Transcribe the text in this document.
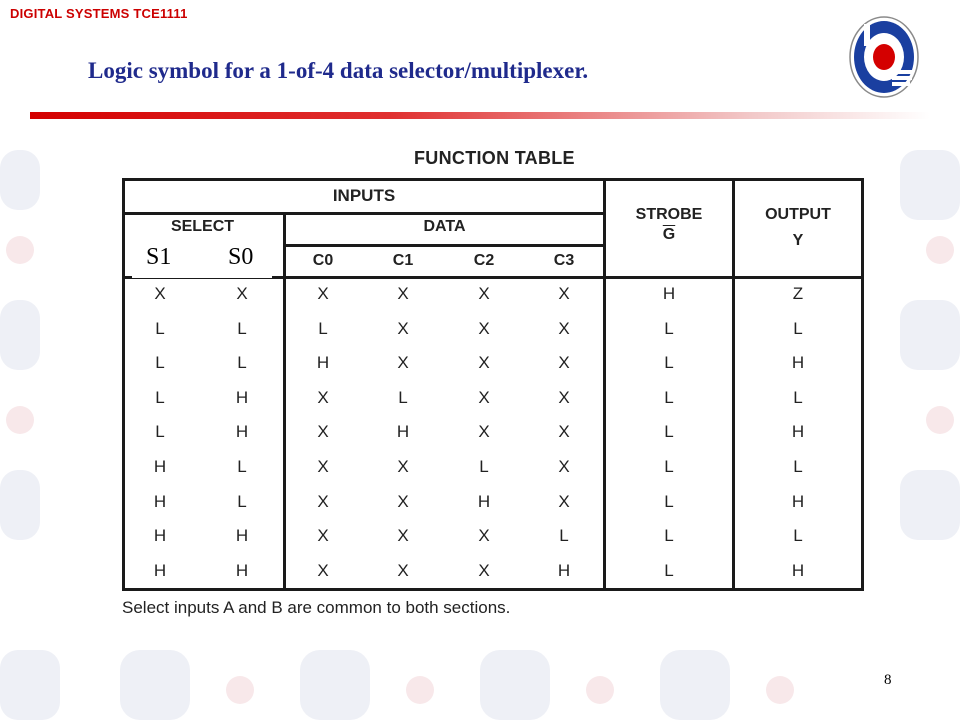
DIGITAL SYSTEMS TCE1111
Logic symbol for a 1-of-4 data selector/multiplexer.
FUNCTION TABLE
INPUTS
SELECT	DATA
STROBE
$\overline{G}$
OUTPUT
Y
C0	C1	C2	C3
X	X	X	X	X	X	H	Z
L	L	L	X	X	X	L	L
L	L	H	X	X	X	L	H
L	H	X	L	X	X	L	L
L	H	X	H	X	X	L	H
H	L	X	X	L	X	L	L
H	L	X	X	H	X	L	H
H	H	X	X	X	L	L	L
H	H	X	X	X	H	L	H
S1 S0
Select inputs A and B are common to both sections.
8
